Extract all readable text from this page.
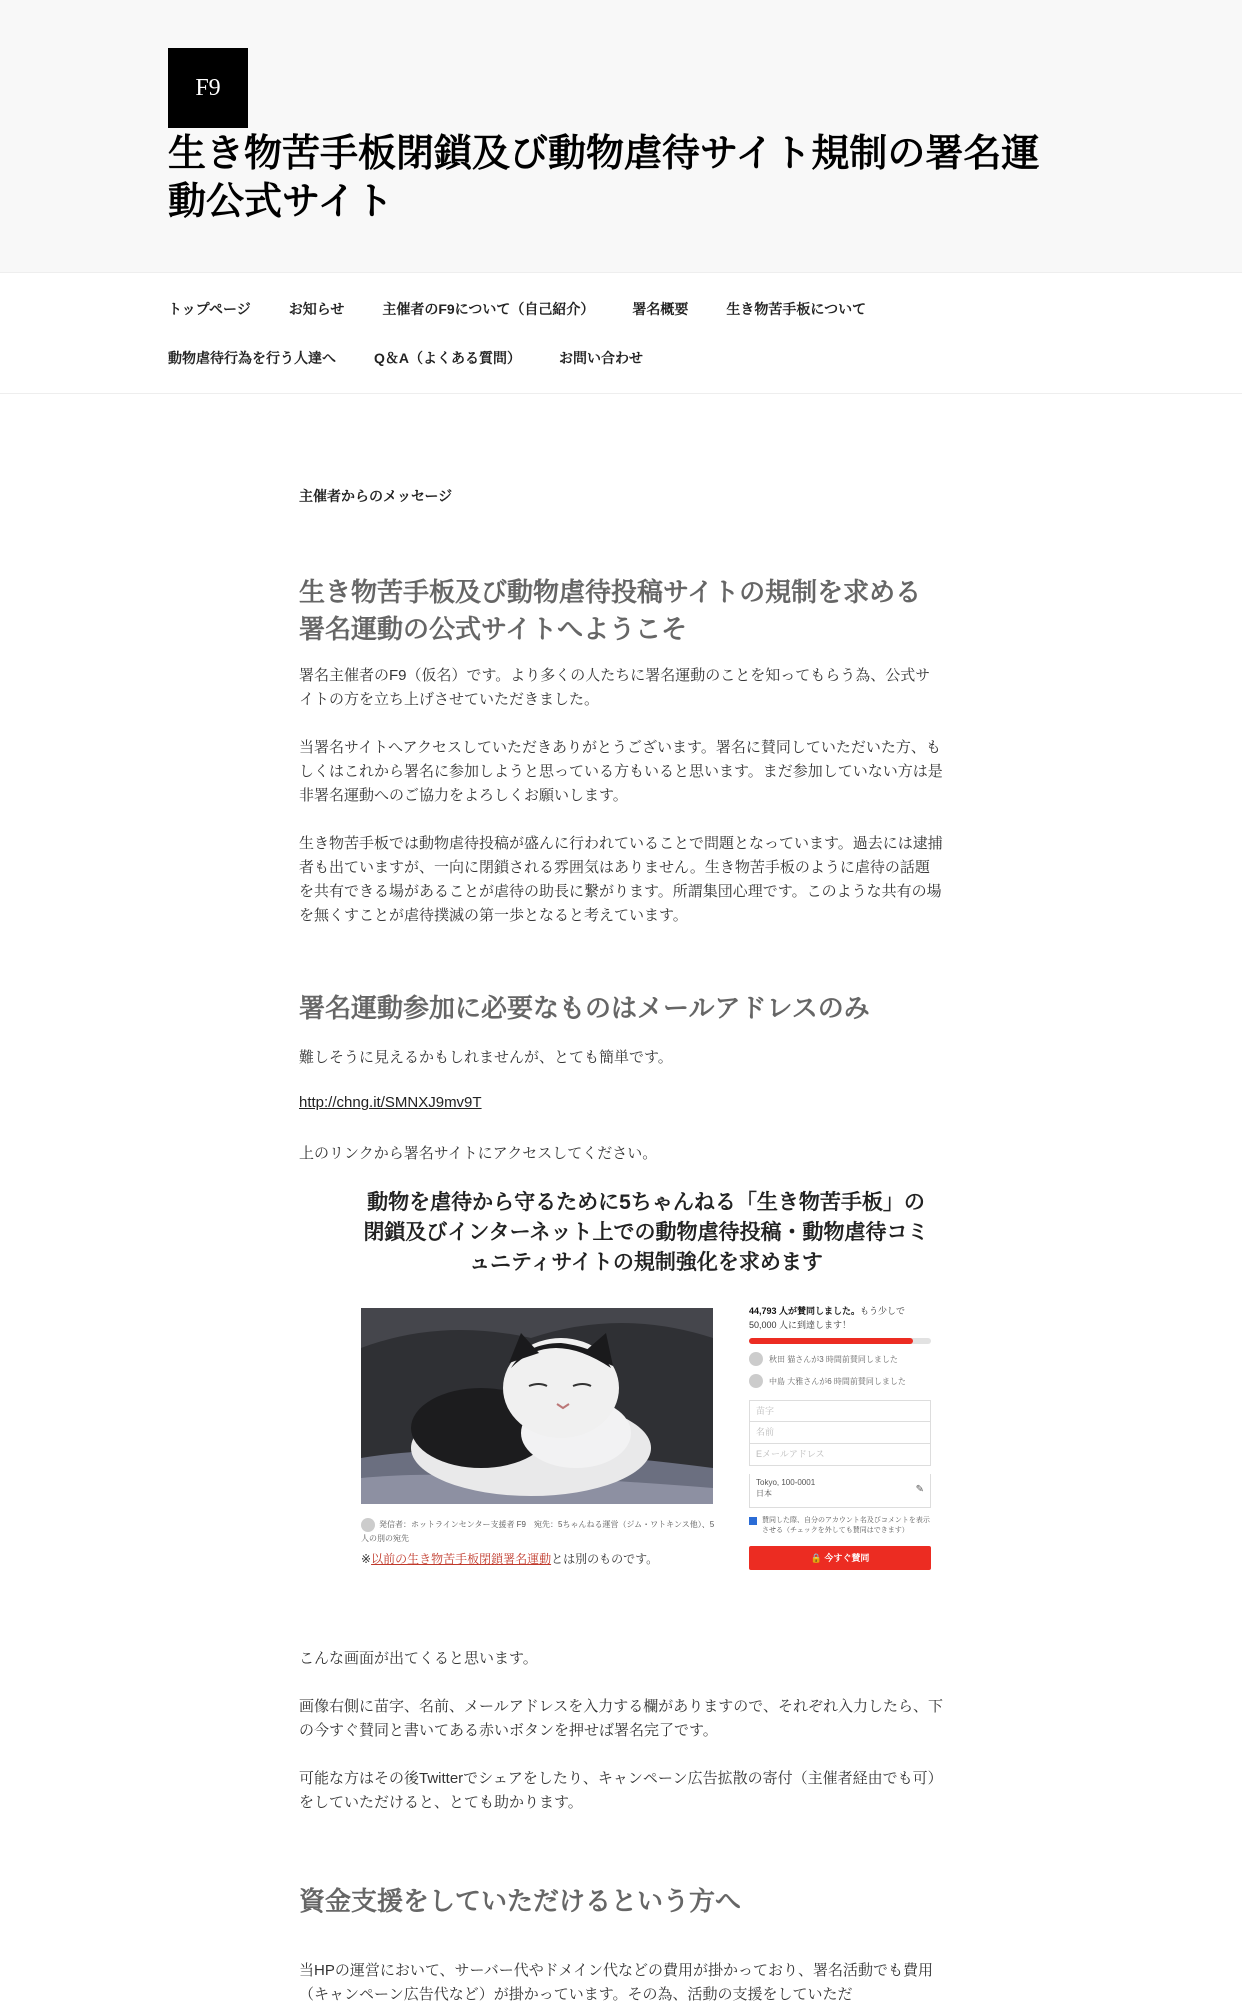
F9
生き物苦手板閉鎖及び動物虐待サイト規制の署名運動公式サイト
トップページ	お知らせ	主催者のF9について（自己紹介）	署名概要	生き物苦手板について
動物虐待行為を行う人達へ	Q＆A（よくある質問）	お問い合わせ
主催者からのメッセージ
生き物苦手板及び動物虐待投稿サイトの規制を求める署名運動の公式サイトへようこそ

署名主催者のF9（仮名）です。より多くの人たちに署名運動のことを知ってもらう為、公式サイトの方を立ち上げさせていただきました。

当署名サイトへアクセスしていただきありがとうございます。署名に賛同していただいた方、もしくはこれから署名に参加しようと思っている方もいると思います。まだ参加していない方は是非署名運動へのご協力をよろしくお願いします。

生き物苦手板では動物虐待投稿が盛んに行われていることで問題となっています。過去には逮捕者も出ていますが、一向に閉鎖される雰囲気はありません。生き物苦手板のように虐待の話題を共有できる場があることが虐待の助長に繋がります。所謂集団心理です。このような共有の場を無くすことが虐待撲滅の第一歩となると考えています。

署名運動参加に必要なものはメールアドレスのみ

難しそうに見えるかもしれませんが、とても簡単です。

http://chng.it/SMNXJ9mv9T

上のリンクから署名サイトにアクセスしてください。

動物を虐待から守るために5ちゃんねる「生き物苦手板」の閉鎖及びインターネット上での動物虐待投稿・動物虐待コミュニティサイトの規制強化を求めます
発信者：ホットラインセンター支援者 F9　宛先：5ちゃんねる運営（ジム・ワトキンス他）、5人の別の宛先
※以前の生き物苦手板閉鎖署名運動とは別のものです。
44,793 人が賛同しました。もう少しで 50,000 人に到達します！
秋田 猫さんが3 時間前賛同しました
中島 大雅さんが6 時間前賛同しました
苗字
名前
Eメールアドレス
Tokyo, 100-0001
日本	✎
賛同した際、自分のアカウント名及びコメントを表示させる（チェックを外しても賛同はできます）
🔒 今すぐ賛同

こんな画面が出てくると思います。

画像右側に苗字、名前、メールアドレスを入力する欄がありますので、それぞれ入力したら、下の今すぐ賛同と書いてある赤いボタンを押せば署名完了です。

可能な方はその後Twitterでシェアをしたり、キャンペーン広告拡散の寄付（主催者経由でも可）をしていただけると、とても助かります。

資金支援をしていただけるという方へ

当HPの運営において、サーバー代やドメイン代などの費用が掛かっており、署名活動でも費用（キャンペーン広告代など）が掛かっています。その為、活動の支援をしていただ
